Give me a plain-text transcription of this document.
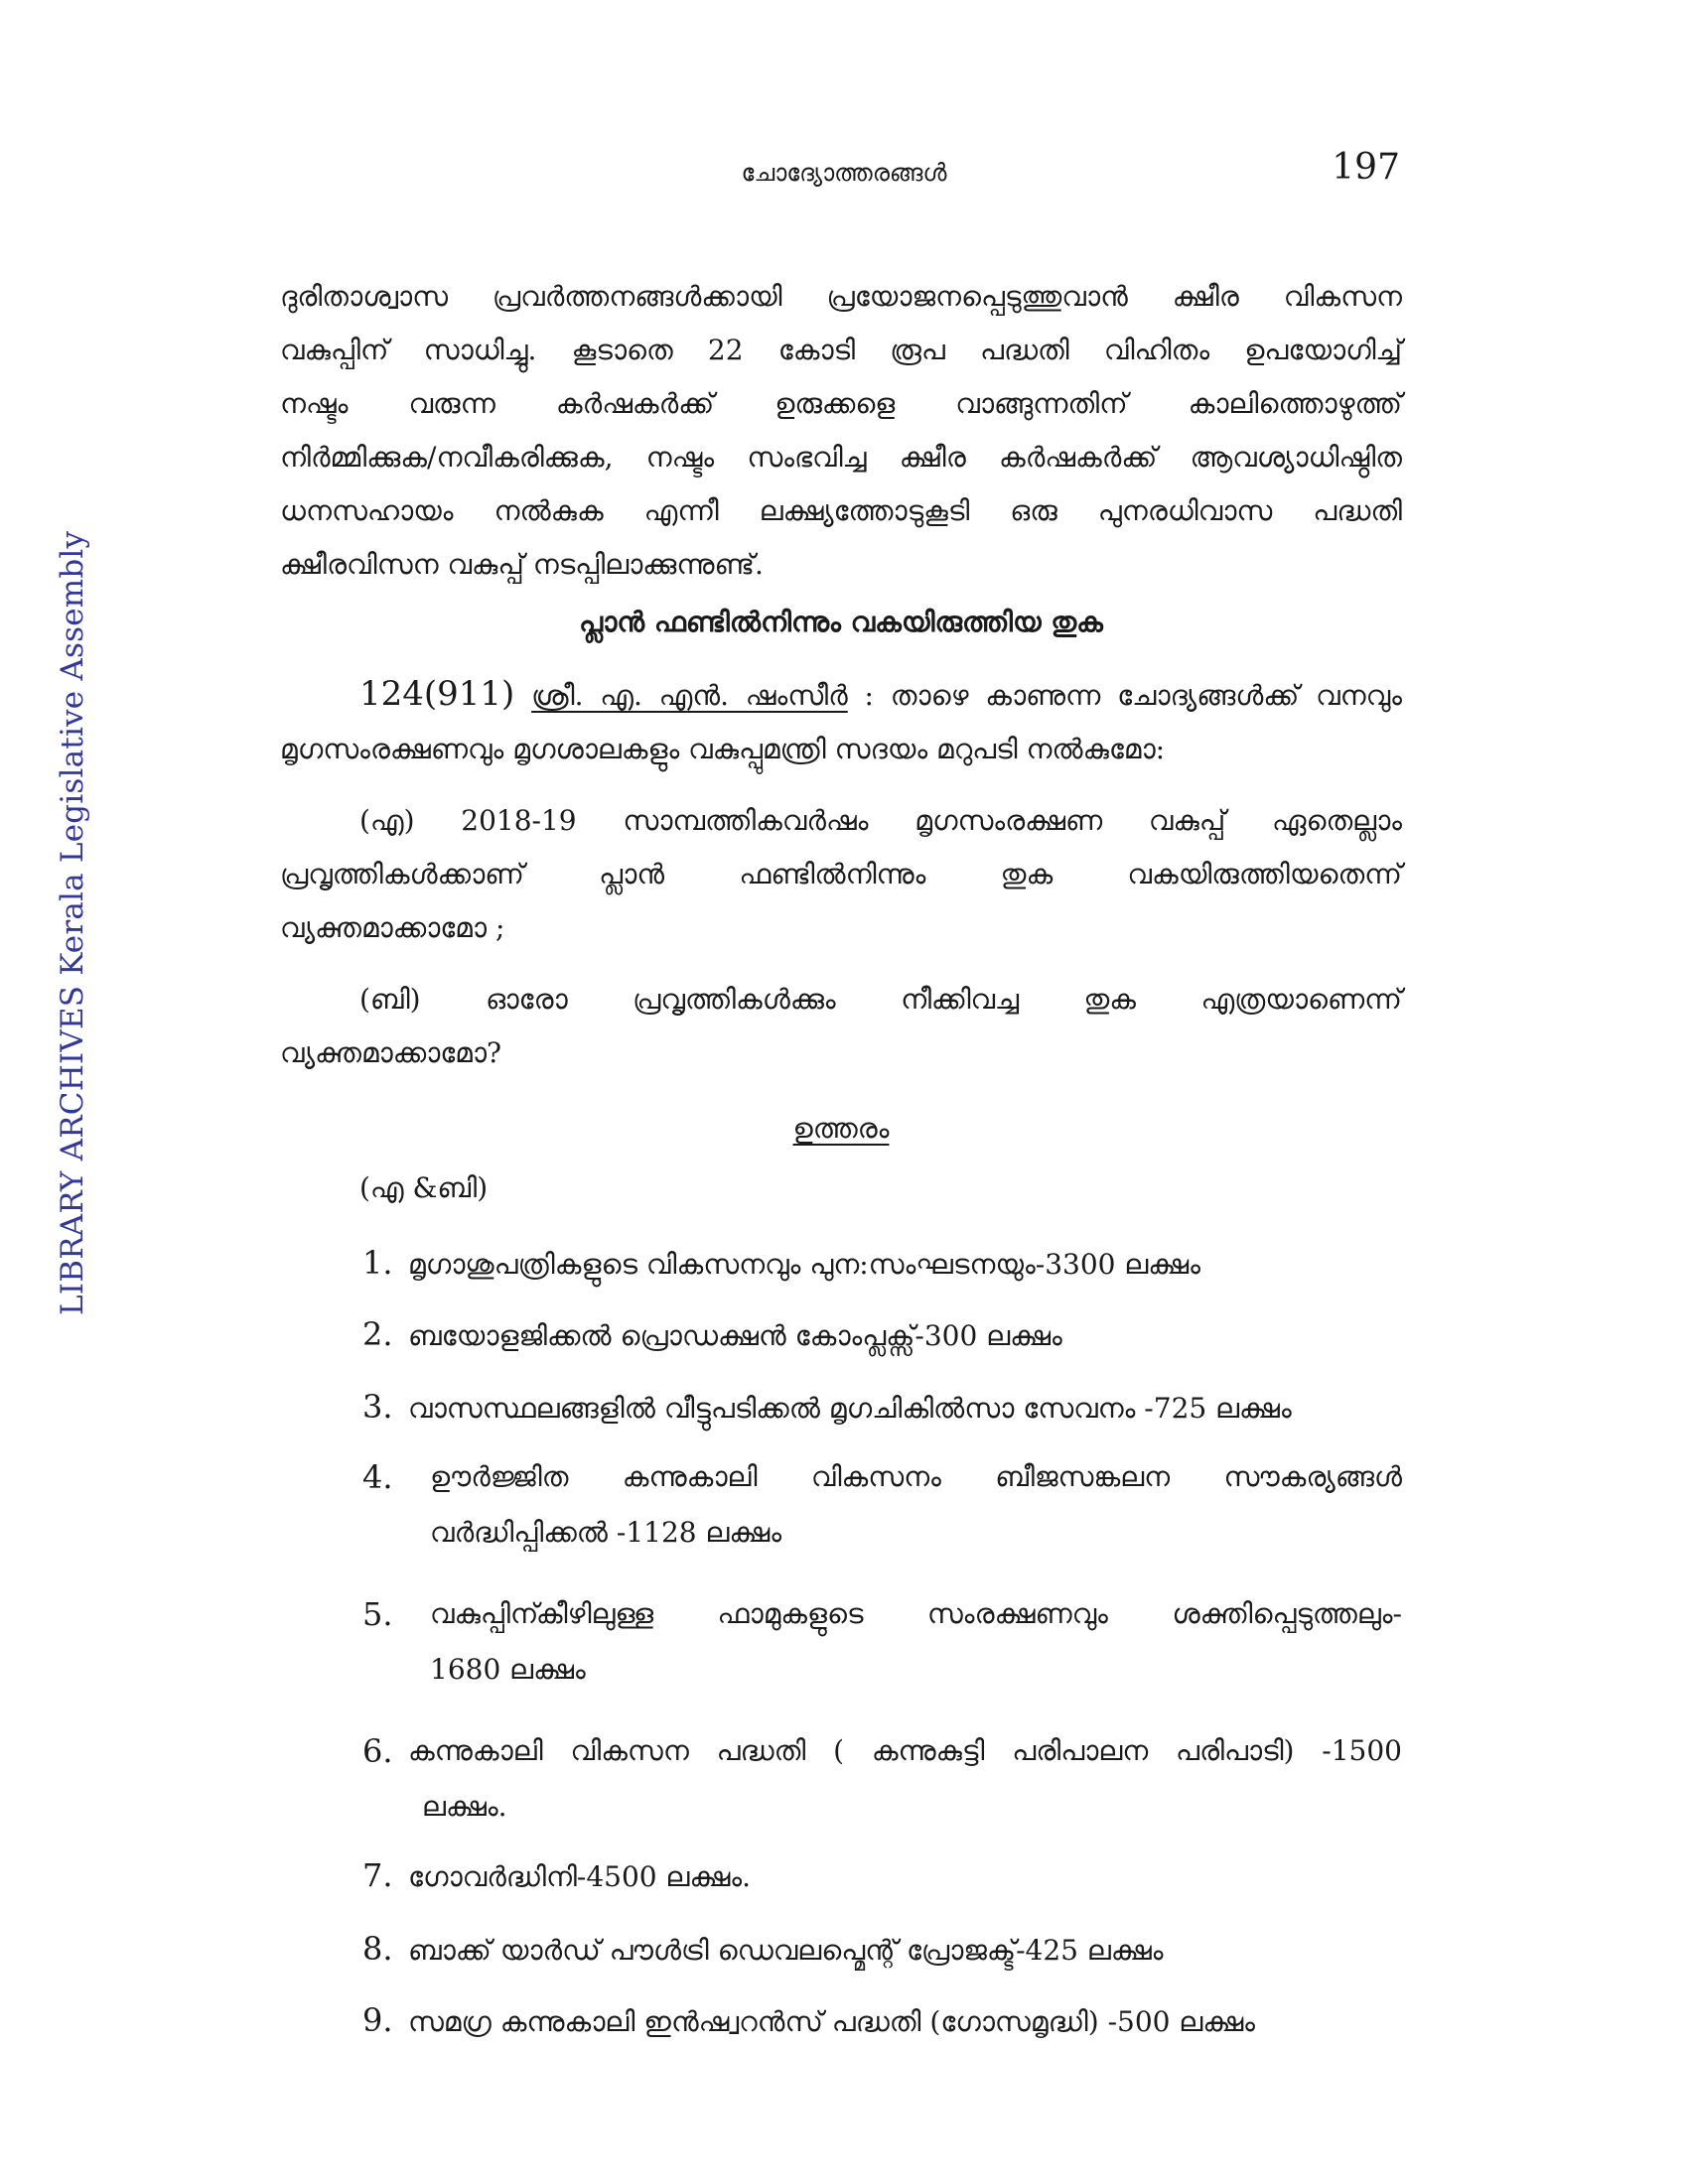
ചോദ്യോത്തരങ്ങൾ	197
LIBRARY ARCHIVES Kerala Legislative Assembly

ദുരിതാശ്വാസ പ്രവർത്തനങ്ങൾക്കായി പ്രയോജനപ്പെടുത്തുവാൻ ക്ഷീര വികസന

വകുപ്പിന് സാധിച്ചു. കൂടാതെ 22 കോടി രൂപ പദ്ധതി വിഹിതം ഉപയോഗിച്ച്

നഷ്ടം വരുന്ന കർഷകർക്ക് ഉരുക്കളെ വാങ്ങുന്നതിന് കാലിത്തൊഴുത്ത്

നിർമ്മിക്കുക/നവീകരിക്കുക, നഷ്ടം സംഭവിച്ച ക്ഷീര കർഷകർക്ക് ആവശ്യാധിഷ്ഠിത

ധനസഹായം നൽകുക എന്നീ ലക്ഷ്യത്തോടുകൂടി ഒരു പുനരധിവാസ പദ്ധതി

ക്ഷീരവിസന വകുപ്പ് നടപ്പിലാക്കുന്നുണ്ട്.

പ്ലാൻ ഫണ്ടിൽനിന്നും വകയിരുത്തിയ തുക

124(911) ശ്രീ. എ. എൻ. ഷംസീർ : താഴെ കാണുന്ന ചോദ്യങ്ങൾക്ക് വനവും

മൃഗസംരക്ഷണവും മൃഗശാലകളും വകുപ്പുമന്ത്രി സദയം മറുപടി നൽകുമോ:

(എ) 2018-19 സാമ്പത്തികവർഷം മൃഗസംരക്ഷണ വകുപ്പ് ഏതെല്ലാം

പ്രവൃത്തികൾക്കാണ് പ്ലാൻ ഫണ്ടിൽനിന്നും തുക വകയിരുത്തിയതെന്ന്

വ്യക്തമാക്കാമോ ;

(ബി) ഓരോ പ്രവൃത്തികൾക്കും നീക്കിവച്ച തുക എത്രയാണെന്ന്

വ്യക്തമാക്കാമോ?

ഉത്തരം
(എ &ബി)
1. മൃഗാശുപത്രികളുടെ വികസനവും പുന:സംഘടനയും-3300 ലക്ഷം
2. ബയോളജിക്കൽ പ്രൊഡക്ഷൻ കോംപ്ലക്സ്-300 ലക്ഷം
3. വാസസ്ഥലങ്ങളിൽ വീട്ടുപടിക്കൽ മൃഗചികിൽസാ സേവനം -725 ലക്ഷം
4.	ഊർജ്ജിത കന്നുകാലി വികസനം ബീജസങ്കലന സൗകര്യങ്ങൾ
വർദ്ധിപ്പിക്കൽ -1128 ലക്ഷം
5.	വകുപ്പിന്കീഴിലുള്ള ഫാമുകളുടെ സംരക്ഷണവും ശക്തിപ്പെടുത്തലും-
1680 ലക്ഷം
6. കന്നുകാലി വികസന പദ്ധതി ( കന്നുകുട്ടി പരിപാലന പരിപാടി) -1500
ലക്ഷം.
7. ഗോവർദ്ധിനി-4500 ലക്ഷം.
8. ബാക്ക് യാർഡ് പൗൾട്രി ഡെവലപ്മെന്റ് പ്രോജക്ട്-425 ലക്ഷം
9. സമഗ്ര കന്നുകാലി ഇൻഷ്വറൻസ് പദ്ധതി (ഗോസമൃദ്ധി) -500 ലക്ഷം
